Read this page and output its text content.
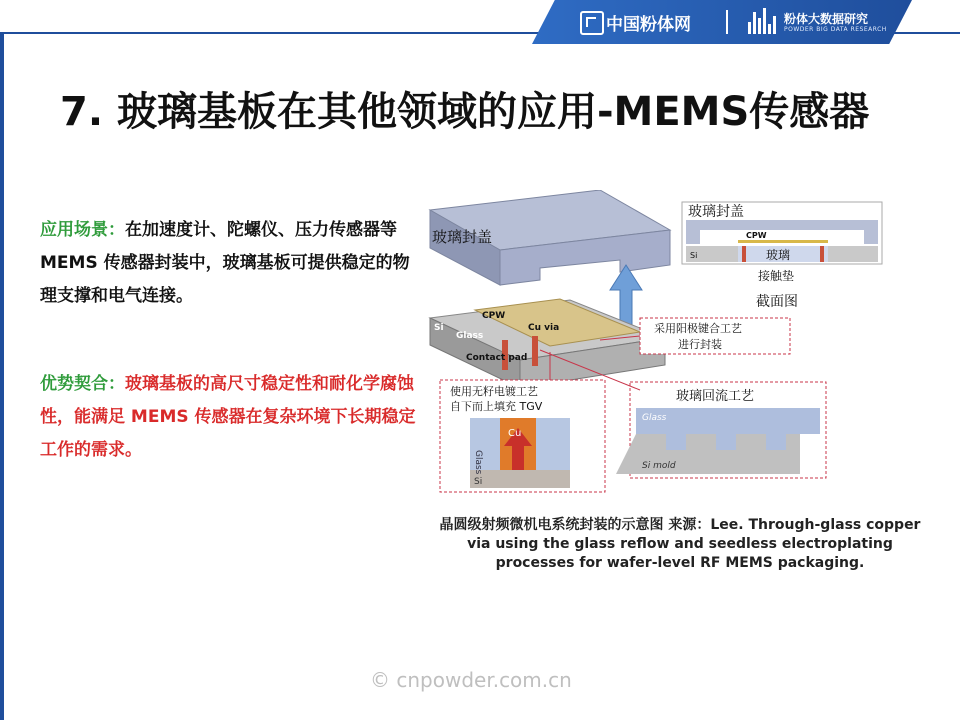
中国粉体网	粉体大数据研究
POWDER BIG DATA RESEARCH
7. 玻璃基板在其他领域的应用-MEMS传感器
应用场景：在加速度计、陀螺仪、压力传感器等 MEMS 传感器封装中，玻璃基板可提供稳定的物理支撑和电气连接。
优势契合：玻璃基板的高尺寸稳定性和耐化学腐蚀性，能满足 MEMS 传感器在复杂环境下长期稳定工作的需求。
玻璃封盖
Si
Glass
CPW
Cu via
Contact pad
玻璃封盖
CPW
Si	玻璃
接触垫
截面图
采用阳极键合工艺
进行封装
使用无籽电镀工艺
自下而上填充 TGV
Glass
Cu
Si
玻璃回流工艺
Glass
Si mold
晶圆级射频微机电系统封装的示意图 来源：Lee. Through-glass copper via using the glass reflow and seedless electroplating processes for wafer-level RF MEMS packaging.
© cnpowder.com.cn
